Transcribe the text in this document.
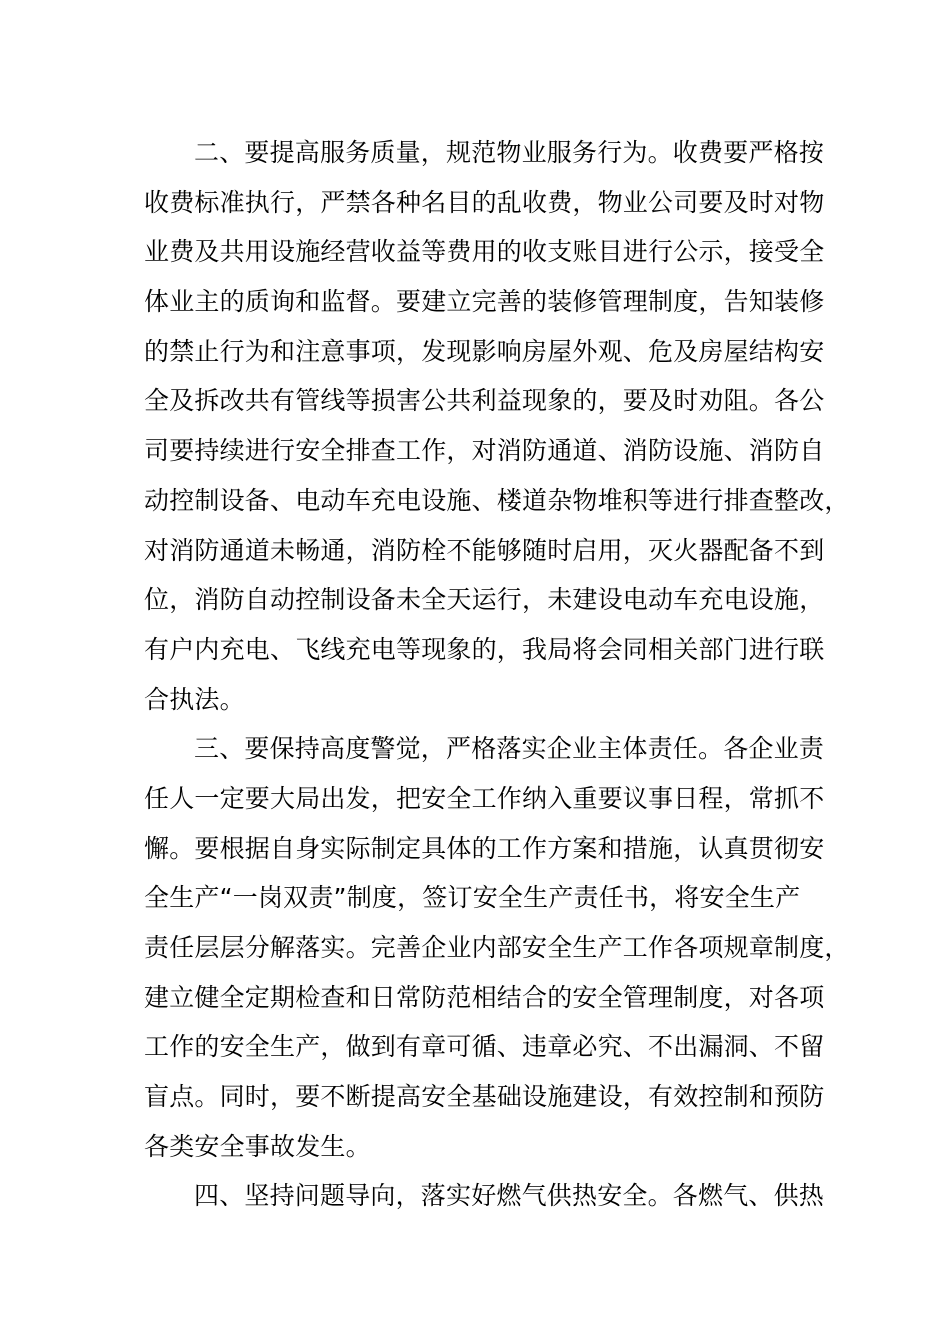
二、要提高服务质量，规范物业服务行为。收费要严格按
收费标准执行，严禁各种名目的乱收费，物业公司要及时对物
业费及共用设施经营收益等费用的收支账目进行公示，接受全
体业主的质询和监督。要建立完善的装修管理制度，告知装修
的禁止行为和注意事项，发现影响房屋外观、危及房屋结构安
全及拆改共有管线等损害公共利益现象的，要及时劝阻。各公
司要持续进行安全排查工作，对消防通道、消防设施、消防自
动控制设备、电动车充电设施、楼道杂物堆积等进行排查整改，
对消防通道未畅通，消防栓不能够随时启用，灭火器配备不到
位，消防自动控制设备未全天运行，未建设电动车充电设施，
有户内充电、飞线充电等现象的，我局将会同相关部门进行联
合执法。
三、要保持高度警觉，严格落实企业主体责任。各企业责
任人一定要大局出发，把安全工作纳入重要议事日程，常抓不
懈。要根据自身实际制定具体的工作方案和措施，认真贯彻安
全生产“一岗双责”制度，签订安全生产责任书，将安全生产
责任层层分解落实。完善企业内部安全生产工作各项规章制度，
建立健全定期检查和日常防范相结合的安全管理制度，对各项
工作的安全生产，做到有章可循、违章必究、不出漏洞、不留
盲点。同时，要不断提高安全基础设施建设，有效控制和预防
各类安全事故发生。
四、坚持问题导向，落实好燃气供热安全。各燃气、供热
